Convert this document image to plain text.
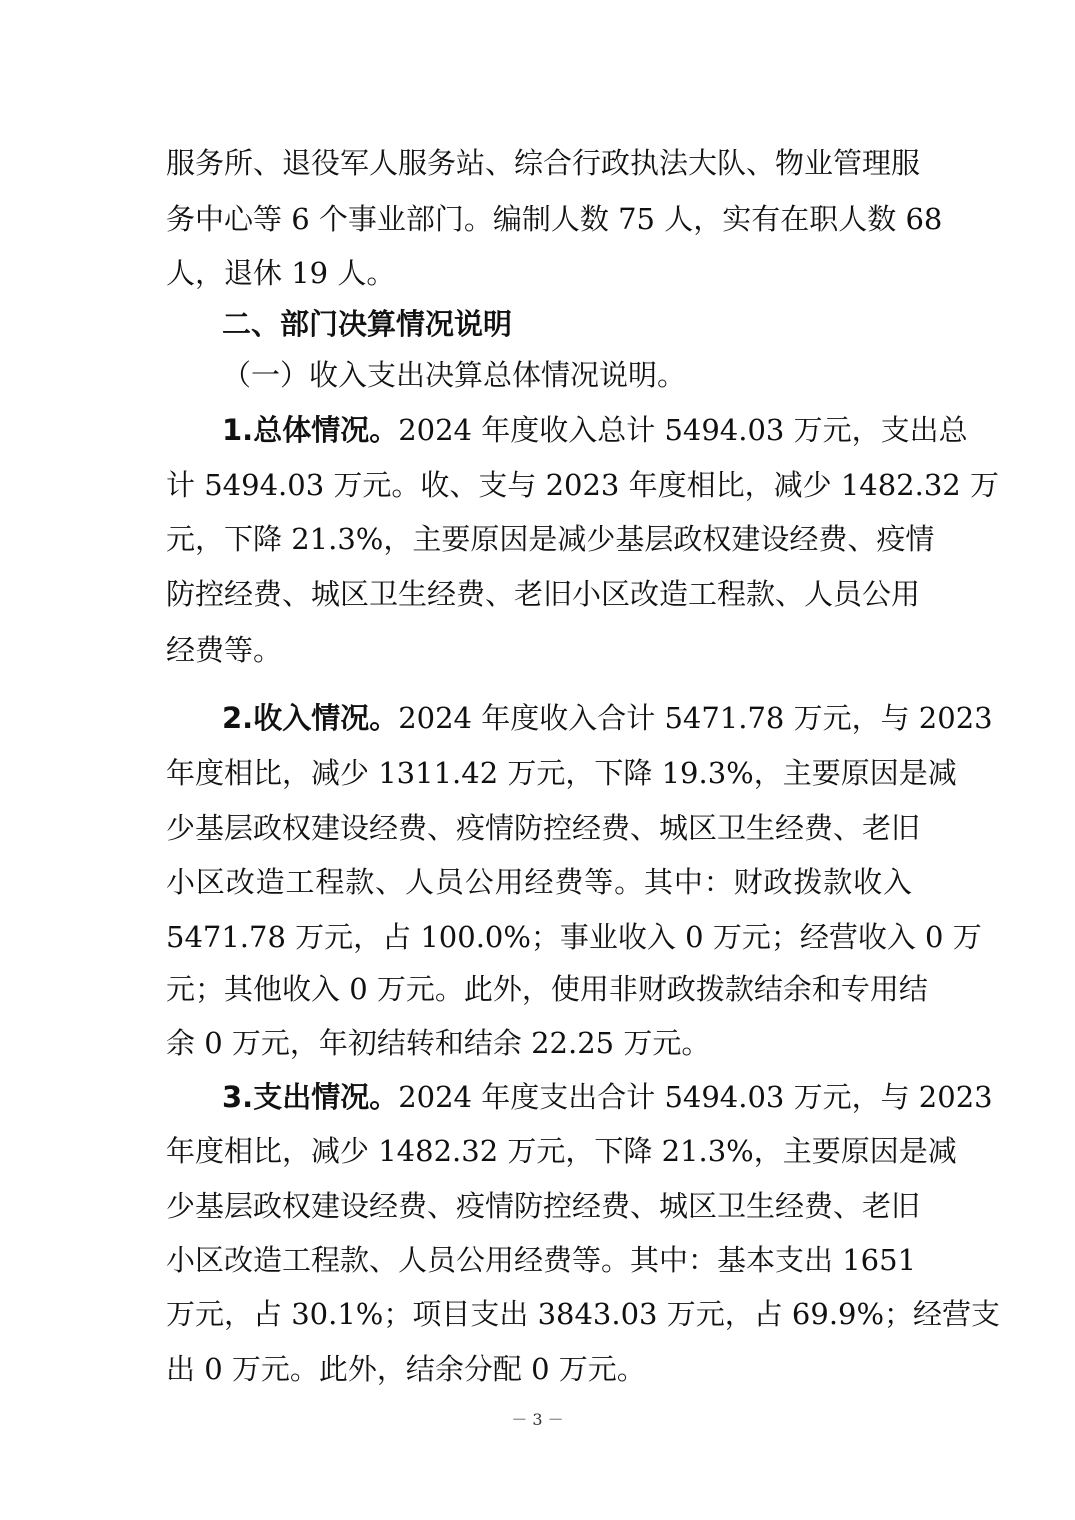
服务所、退役军人服务站、综合行政执法大队、物业管理服
务中心等 6 个事业部门。编制人数 75 人，实有在职人数 68
人，退休 19 人。
二、部门决算情况说明
（一）收入支出决算总体情况说明。
1.总体情况。2024 年度收入总计 5494.03 万元，支出总
计 5494.03 万元。收、支与 2023 年度相比，减少 1482.32 万
元，下降 21.3%，主要原因是减少基层政权建设经费、疫情
防控经费、城区卫生经费、老旧小区改造工程款、人员公用
经费等。
2.收入情况。2024 年度收入合计 5471.78 万元，与 2023
年度相比，减少 1311.42 万元，下降 19.3%，主要原因是减
少基层政权建设经费、疫情防控经费、城区卫生经费、老旧
小区改造工程款、人员公用经费等。其中：财政拨款收入
5471.78 万元，占 100.0%；事业收入 0 万元；经营收入 0 万
元；其他收入 0 万元。此外，使用非财政拨款结余和专用结
余 0 万元，年初结转和结余 22.25 万元。
3.支出情况。2024 年度支出合计 5494.03 万元，与 2023
年度相比，减少 1482.32 万元，下降 21.3%，主要原因是减
少基层政权建设经费、疫情防控经费、城区卫生经费、老旧
小区改造工程款、人员公用经费等。其中：基本支出 1651
万元，占 30.1%；项目支出 3843.03 万元，占 69.9%；经营支
出 0 万元。此外，结余分配 0 万元。
－ 3 －
